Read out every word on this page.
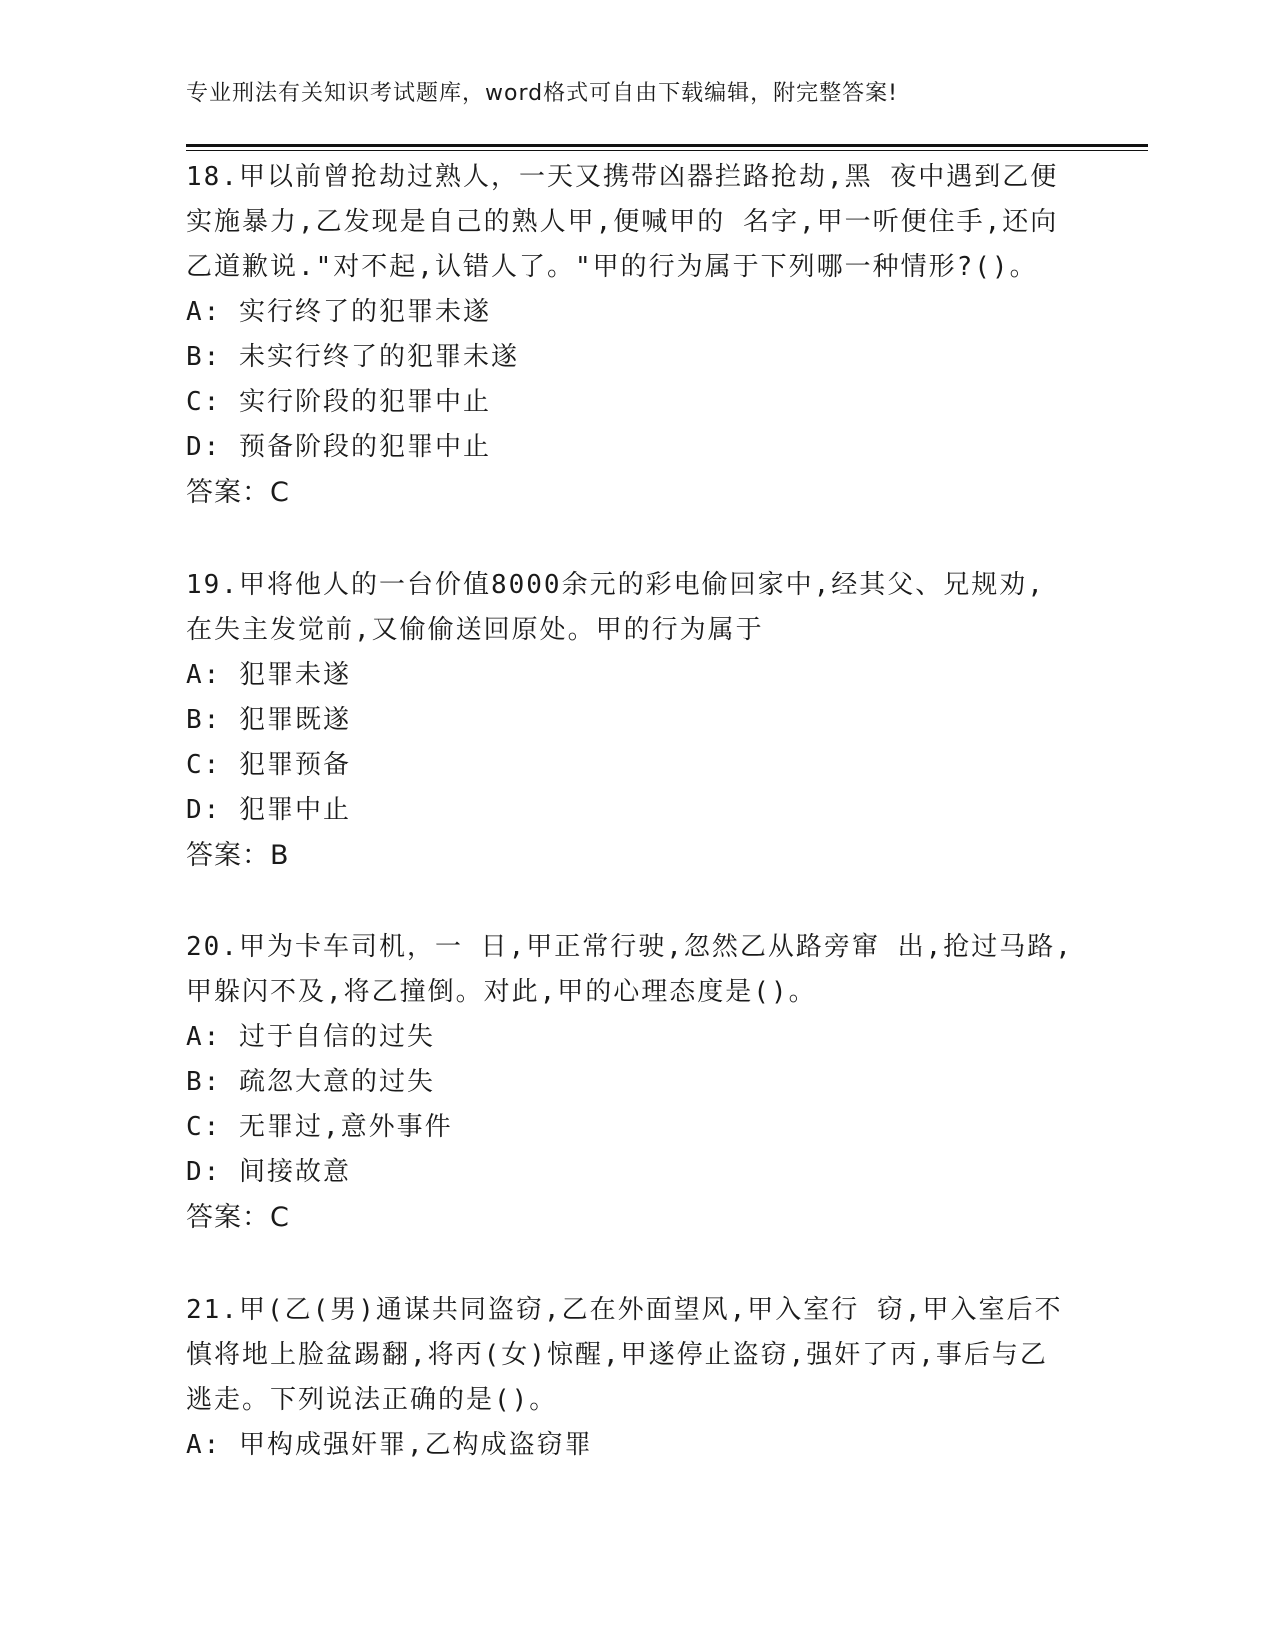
专业刑法有关知识考试题库，word格式可自由下载编辑，附完整答案!
18.甲以前曾抢劫过熟人，一天又携带凶器拦路抢劫,黑 夜中遇到乙便
实施暴力,乙发现是自己的熟人甲,便喊甲的 名字,甲一听便住手,还向
乙道歉说."对不起,认错人了。"甲的行为属于下列哪一种情形?()。
A: 实行终了的犯罪未遂
B: 未实行终了的犯罪未遂
C: 实行阶段的犯罪中止
D: 预备阶段的犯罪中止
答案：C
19.甲将他人的一台价值8000余元的彩电偷回家中,经其父、兄规劝,
在失主发觉前,又偷偷送回原处。甲的行为属于
A: 犯罪未遂
B: 犯罪既遂
C: 犯罪预备
D: 犯罪中止
答案：B
20.甲为卡车司机，一 日,甲正常行驶,忽然乙从路旁窜 出,抢过马路,
甲躲闪不及,将乙撞倒。对此,甲的心理态度是()。
A: 过于自信的过失
B: 疏忽大意的过失
C: 无罪过,意外事件
D: 间接故意
答案：C
21.甲(乙(男)通谋共同盗窃,乙在外面望风,甲入室行 窃,甲入室后不
慎将地上脸盆踢翻,将丙(女)惊醒,甲遂停止盗窃,强奸了丙,事后与乙
逃走。下列说法正确的是()。
A: 甲构成强奸罪,乙构成盗窃罪
